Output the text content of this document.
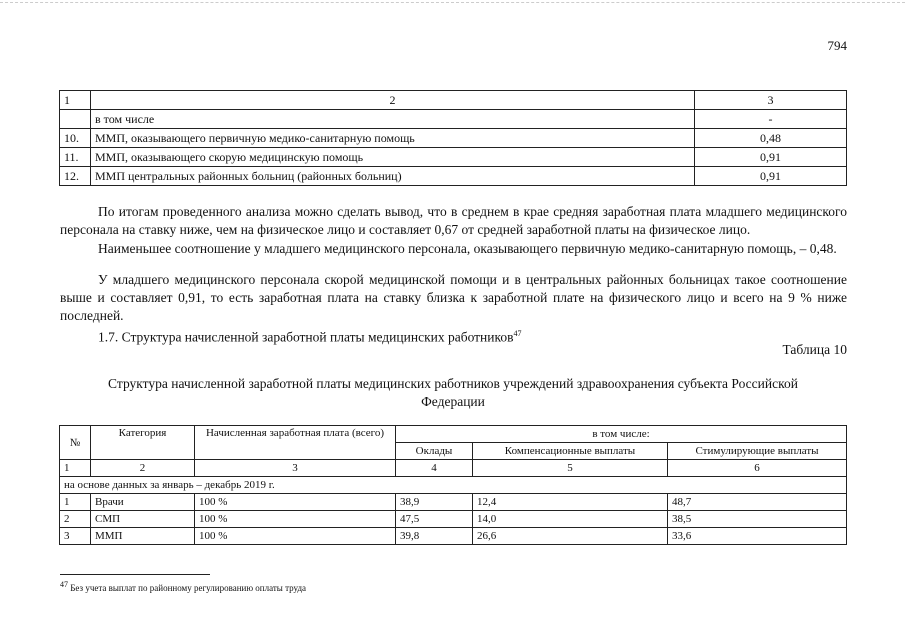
794
1	2	3
	в том числе	-
10.	ММП, оказывающего первичную медико-санитарную помощь	0,48
11.	ММП, оказывающего скорую медицинскую помощь	0,91
12.	ММП центральных районных больниц (районных больниц)	0,91

По итогам проведенного анализа можно сделать вывод, что в среднем в крае средняя заработная плата младшего медицинского персонала на ставку ниже, чем на физическое лицо и составляет 0,67 от средней заработной платы на физическое лицо.

Наименьшее соотношение у младшего медицинского персонала, оказывающего первичную медико-санитарную помощь, – 0,48.

У младшего медицинского персонала скорой медицинской помощи и в центральных районных больницах такое соотношение выше и составляет 0,91, то есть заработная плата на ставку близка к заработной плате на физического лицо и всего на 9 % ниже последней.

1.7. Структура начисленной заработной платы медицинских работников$^{47}$

Таблица 10
Структура начисленной заработной платы медицинских работников учреждений здравоохранения субъекта Российской Федерации
№	Категория	Начисленная заработная плата (всего)	в том числе:		
			Оклады	Компенсационные выплаты	Стимулирующие выплаты
1	2	3	4	5	6
на основе данных за январь – декабрь 2019 г.					
1	Врачи	100 %	38,9	12,4	48,7
2	СМП	100 %	47,5	14,0	38,5
3	ММП	100 %	39,8	26,6	33,6
$^{47}$ Без учета выплат по районному регулированию оплаты труда
